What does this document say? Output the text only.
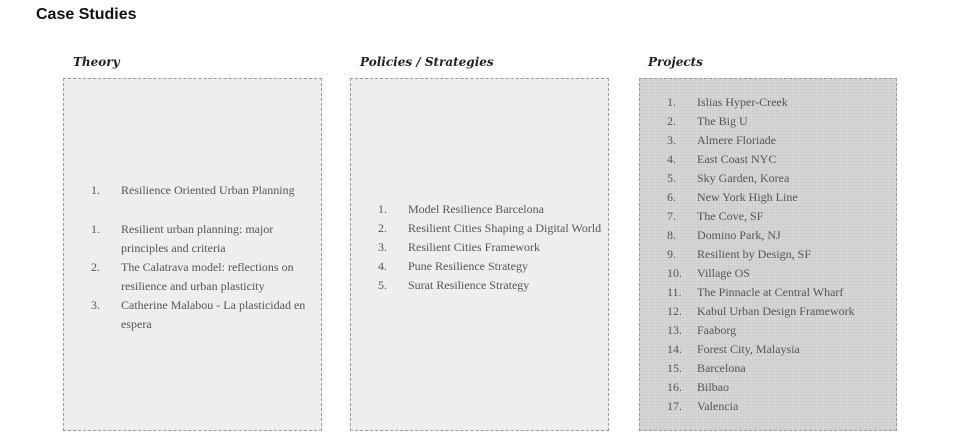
Case Studies
Theory
1.	Resilience Oriented Urban Planning
1.	Resilient urban planning: major principles and criteria
2.	The Calatrava model: reflections on resilience and urban plasticity
3.	Catherine Malabou - La plasticidad en espera
Policies / Strategies
1.	Model Resilience Barcelona
2.	Resilient Cities Shaping a Digital World
3.	Resilient Cities Framework
4.	Pune Resilience Strategy
5.	Surat Resilience Strategy
Projects
1.	Islias Hyper-Creek
2.	The Big U
3.	Almere Floriade
4.	East Coast NYC
5.	Sky Garden, Korea
6.	New York High Line
7.	The Cove, SF
8.	Domino Park, NJ
9.	Resilient by Design, SF
10.	Village OS
11.	The Pinnacle at Central Wharf
12.	Kabul Urban Design Framework
13.	Faaborg
14.	Forest City, Malaysia
15.	Barcelona
16.	Bilbao
17.	Valencia
